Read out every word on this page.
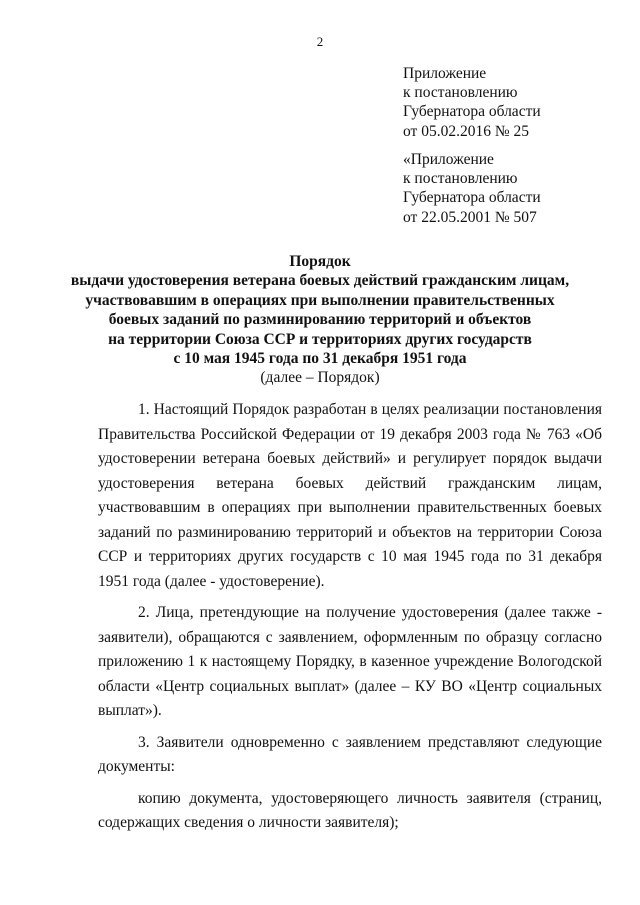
2
Приложение
к постановлению
Губернатора области
от 05.02.2016 № 25
«Приложение
к постановлению
Губернатора области
от 22.05.2001 № 507
Порядок
выдачи удостоверения ветерана боевых действий гражданским лицам,
участвовавшим в операциях при выполнении правительственных
боевых заданий по разминированию территорий и объектов
на территории Союза ССР и территориях других государств
с 10 мая 1945 года по 31 декабря 1951 года
(далее – Порядок)

1. Настоящий Порядок разработан в целях реализации постановления Правительства Российской Федерации от 19 декабря 2003 года № 763 «Об удостоверении ветерана боевых действий» и регулирует порядок выдачи удостоверения ветерана боевых действий гражданским лицам, участвовавшим в операциях при выполнении правительственных боевых заданий по разминированию территорий и объектов на территории Союза ССР и территориях других государств с 10 мая 1945 года по 31 декабря 1951 года (далее - удостоверение).

2. Лица, претендующие на получение удостоверения (далее также - заявители), обращаются с заявлением, оформленным по образцу согласно приложению 1 к настоящему Порядку, в казенное учреждение Вологодской области «Центр социальных выплат» (далее – КУ ВО «Центр социальных выплат»).

3. Заявители одновременно с заявлением представляют следующие документы:

копию документа, удостоверяющего личность заявителя (страниц, содержащих сведения о личности заявителя);
